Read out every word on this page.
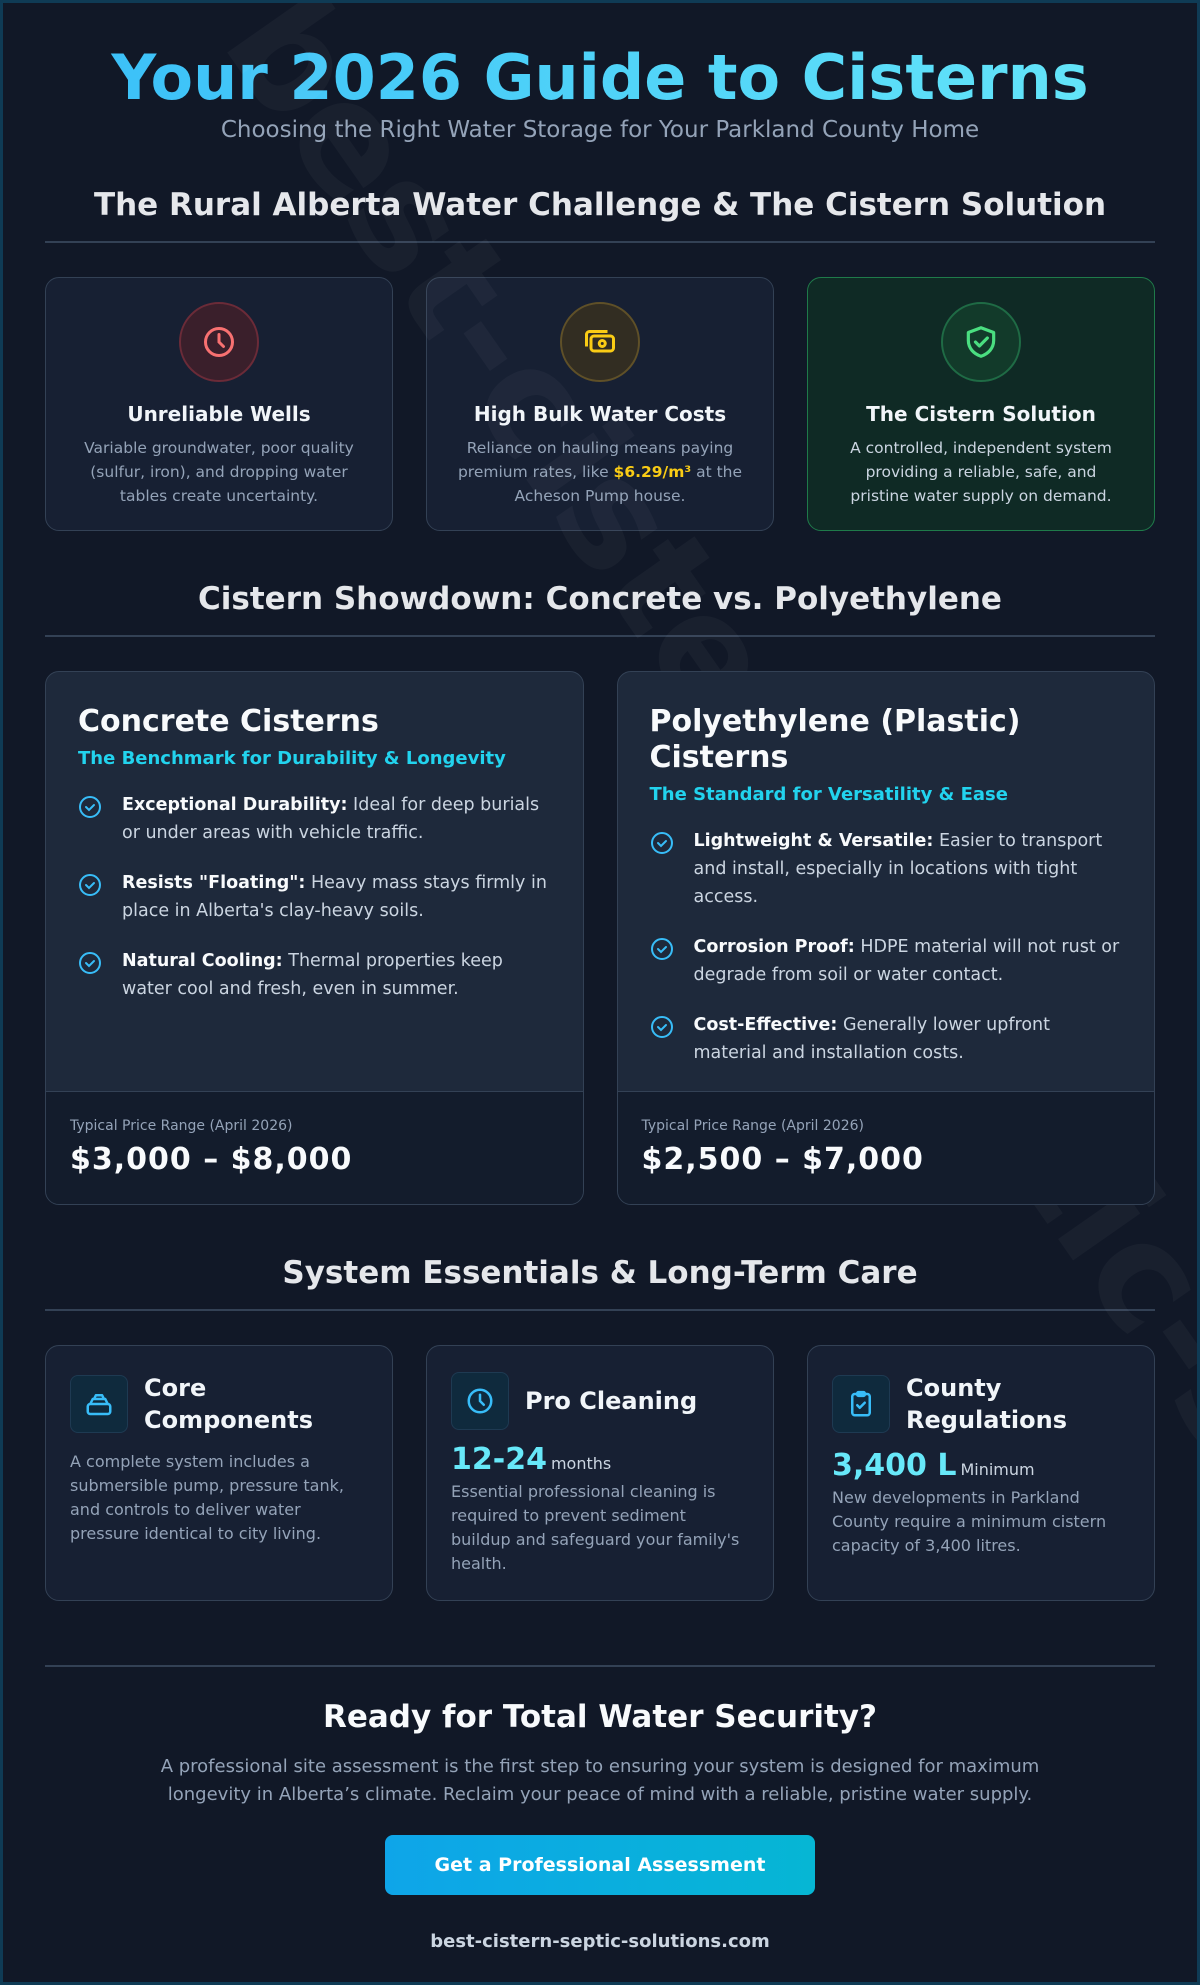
Your 2026 Guide to Cisterns
Choosing the Right Water Storage for Your Parkland County Home
The Rural Alberta Water Challenge & The Cistern Solution
Unreliable Wells
Variable groundwater, poor quality (sulfur, iron), and dropping water tables create uncertainty.
High Bulk Water Costs
Reliance on hauling means paying premium rates, like $6.29/m³ at the Acheson Pump house.
The Cistern Solution
A controlled, independent system providing a reliable, safe, and pristine water supply on demand.
Cistern Showdown: Concrete vs. Polyethylene
Concrete Cisterns
The Benchmark for Durability & Longevity
Exceptional Durability: Ideal for deep burials or under areas with vehicle traffic.
Resists "Floating": Heavy mass stays firmly in place in Alberta's clay-heavy soils.
Natural Cooling: Thermal properties keep water cool and fresh, even in summer.
Typical Price Range (April 2026)
$3,000 – $8,000
Polyethylene (Plastic) Cisterns
The Standard for Versatility & Ease
Lightweight & Versatile: Easier to transport and install, especially in locations with tight access.
Corrosion Proof: HDPE material will not rust or degrade from soil or water contact.
Cost-Effective: Generally lower upfront material and installation costs.
Typical Price Range (April 2026)
$2,500 – $7,000
System Essentials & Long-Term Care
Core Components
A complete system includes a submersible pump, pressure tank, and controls to deliver water pressure identical to city living.
Pro Cleaning
12-24 months
Essential professional cleaning is required to prevent sediment buildup and safeguard your family's health.
County Regulations
3,400 L Minimum
New developments in Parkland County require a minimum cistern capacity of 3,400 litres.
Ready for Total Water Security?
A professional site assessment is the first step to ensuring your system is designed for maximum longevity in Alberta’s climate. Reclaim your peace of mind with a reliable, pristine water supply.
Get a Professional Assessment
best-cistern-septic-solutions.com
